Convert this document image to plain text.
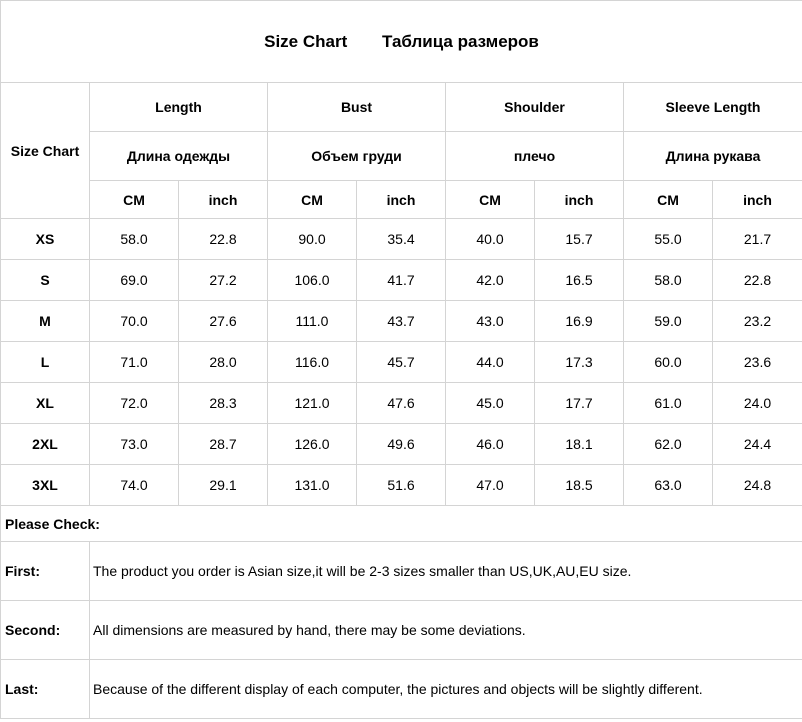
Size Chart Таблица размеров								
Size Chart	Length		Bust		Shoulder		Sleeve Length	
	Длина одежды		Объем груди		плечо		Длина рукава	
	CM	inch	CM	inch	CM	inch	CM	inch
XS	58.0	22.8	90.0	35.4	40.0	15.7	55.0	21.7
S	69.0	27.2	106.0	41.7	42.0	16.5	58.0	22.8
M	70.0	27.6	111.0	43.7	43.0	16.9	59.0	23.2
L	71.0	28.0	116.0	45.7	44.0	17.3	60.0	23.6
XL	72.0	28.3	121.0	47.6	45.0	17.7	61.0	24.0
2XL	73.0	28.7	126.0	49.6	46.0	18.1	62.0	24.4
3XL	74.0	29.1	131.0	51.6	47.0	18.5	63.0	24.8
Please Check:								
First:	The product you order is Asian size,it will be 2-3 sizes smaller than US,UK,AU,EU size.							
Second:	All dimensions are measured by hand, there may be some deviations.							
Last:	Because of the different display of each computer, the pictures and objects will be slightly different.							
